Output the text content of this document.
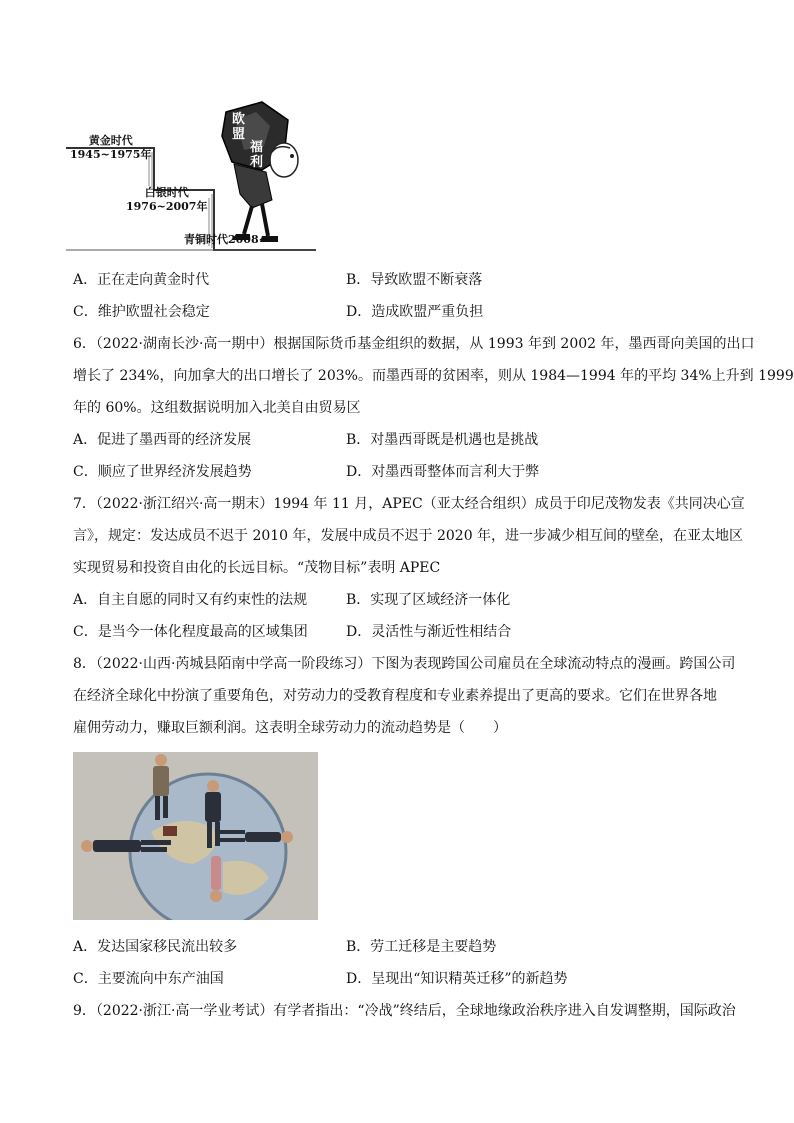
黄金时代
1945~1975年
白银时代
1976~2007年
青铜时代2008~
欧
盟
福
利
A．正在走向黄金时代	B．导致欧盟不断衰落
C．维护欧盟社会稳定	D．造成欧盟严重负担
6．（2022·湖南长沙·高一期中）根据国际货币基金组织的数据，从 1993 年到 2002 年，墨西哥向美国的出口
增长了 234%，向加拿大的出口增长了 203%。而墨西哥的贫困率，则从 1984—1994 年的平均 34%上升到 1999
年的 60%。这组数据说明加入北美自由贸易区
A．促进了墨西哥的经济发展	B．对墨西哥既是机遇也是挑战
C．顺应了世界经济发展趋势	D．对墨西哥整体而言利大于弊
7．（2022·浙江绍兴·高一期末）1994 年 11 月，APEC（亚太经合组织）成员于印尼茂物发表《共同决心宣
言》，规定：发达成员不迟于 2010 年，发展中成员不迟于 2020 年，进一步减少相互间的壁垒，在亚太地区
实现贸易和投资自由化的长远目标。“茂物目标”表明 APEC
A．自主自愿的同时又有约束性的法规	B．实现了区域经济一体化
C．是当今一体化程度最高的区域集团	D．灵活性与渐近性相结合
8．（2022·山西·芮城县陌南中学高一阶段练习）下图为表现跨国公司雇员在全球流动特点的漫画。跨国公司
在经济全球化中扮演了重要角色，对劳动力的受教育程度和专业素养提出了更高的要求。它们在世界各地
雇佣劳动力，赚取巨额利润。这表明全球劳动力的流动趋势是（　　）
A．发达国家移民流出较多	B．劳工迁移是主要趋势
C．主要流向中东产油国	D．呈现出“知识精英迁移”的新趋势
9．（2022·浙江·高一学业考试）有学者指出：“冷战”终结后，全球地缘政治秩序进入自发调整期，国际政治
